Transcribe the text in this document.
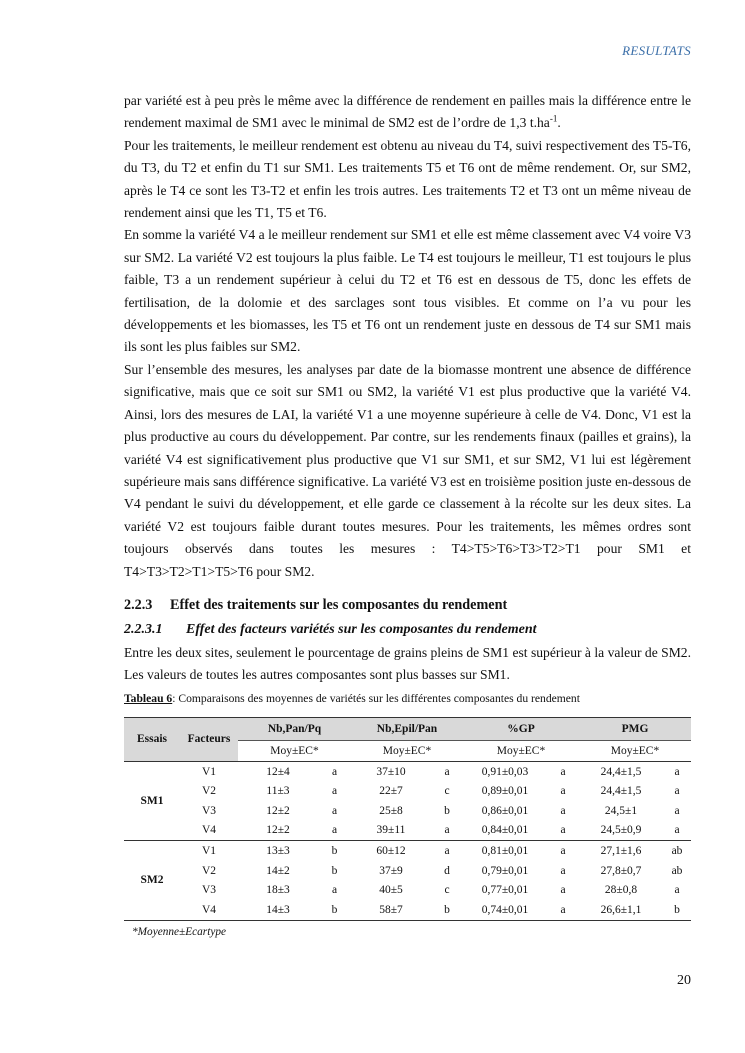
RESULTATS

par variété est à peu près le même avec la différence de rendement en pailles mais la différence entre le rendement maximal de SM1 avec le minimal de SM2 est de l’ordre de 1,3 $t.ha^{-1}$.

Pour les traitements, le meilleur rendement est obtenu au niveau du T4, suivi respectivement des T5-T6, du T3, du T2 et enfin du T1 sur SM1. Les traitements T5 et T6 ont de même rendement. Or, sur SM2, après le T4 ce sont les T3-T2 et enfin les trois autres. Les traitements T2 et T3 ont un même niveau de rendement ainsi que les T1, T5 et T6.

En somme la variété V4 a le meilleur rendement sur SM1 et elle est même classement avec V4 voire V3 sur SM2. La variété V2 est toujours la plus faible. Le T4 est toujours le meilleur, T1 est toujours le plus faible, T3 a un rendement supérieur à celui du T2 et T6 est en dessous de T5, donc les effets de fertilisation, de la dolomie et des sarclages sont tous visibles. Et comme on l’a vu pour les développements et les biomasses, les T5 et T6 ont un rendement juste en dessous de T4 sur SM1 mais ils sont les plus faibles sur SM2.

Sur l’ensemble des mesures, les analyses par date de la biomasse montrent une absence de différence significative, mais que ce soit sur SM1 ou SM2, la variété V1 est plus productive que la variété V4. Ainsi, lors des mesures de LAI, la variété V1 a une moyenne supérieure à celle de V4. Donc, V1 est la plus productive au cours du développement. Par contre, sur les rendements finaux (pailles et grains), la variété V4 est significativement plus productive que V1 sur SM1, et sur SM2, V1 lui est légèrement supérieure mais sans différence significative. La variété V3 est en troisième position juste en-dessous de V4 pendant le suivi du développement, et elle garde ce classement à la récolte sur les deux sites. La variété V2 est toujours faible durant toutes mesures. Pour les traitements, les mêmes ordres sont toujours observés dans toutes les mesures : T4>T5>T6>T3>T2>T1 pour SM1 et

T4>T3>T2>T1>T5>T6 pour SM2.

2.2.3 Effet des traitements sur les composantes du rendement
2.2.3.1 Effet des facteurs variétés sur les composantes du rendement

Entre les deux sites, seulement le pourcentage de grains pleins de SM1 est supérieur à la valeur de SM2. Les valeurs de toutes les autres composantes sont plus basses sur SM1.

Tableau 6: Comparaisons des moyennes de variétés sur les différentes composantes du rendement
Essais	Facteurs	Nb,Pan/Pq		Nb,Epil/Pan		%GP		PMG	
		Moy±EC*		Moy±EC*		Moy±EC*		Moy±EC*	
SM1	V1	12±4	a	37±10	a	0,91±0,03	a	24,4±1,5	a
	V2	11±3	a	22±7	c	0,89±0,01	a	24,4±1,5	a
	V3	12±2	a	25±8	b	0,86±0,01	a	24,5±1	a
	V4	12±2	a	39±11	a	0,84±0,01	a	24,5±0,9	a
SM2	V1	13±3	b	60±12	a	0,81±0,01	a	27,1±1,6	ab
	V2	14±2	b	37±9	d	0,79±0,01	a	27,8±0,7	ab
	V3	18±3	a	40±5	c	0,77±0,01	a	28±0,8	a
	V4	14±3	b	58±7	b	0,74±0,01	a	26,6±1,1	b
*Moyenne±Ecartype
20
